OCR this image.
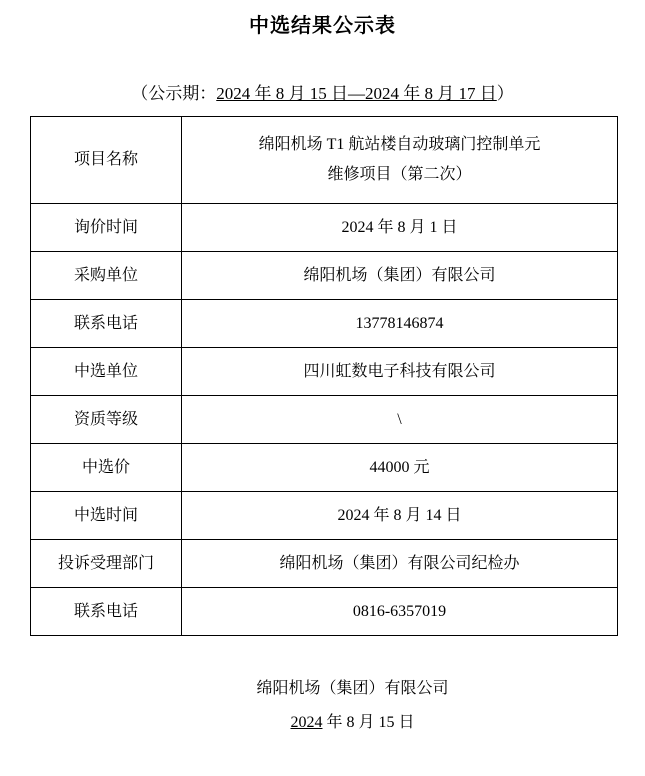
中选结果公示表
（公示期：2024 年 8 月 15 日—2024 年 8 月 17 日）
项目名称	绵阳机场 T1 航站楼自动玻璃门控制单元
维修项目（第二次）

询价时间	2024 年 8 月 1 日
采购单位	绵阳机场（集团）有限公司
联系电话	13778146874
中选单位	四川虹数电子科技有限公司
资质等级	\
中选价	44000 元
中选时间	2024 年 8 月 14 日
投诉受理部门	绵阳机场（集团）有限公司纪检办
联系电话	0816-6357019
绵阳机场（集团）有限公司
2024 年 8 月 15 日
